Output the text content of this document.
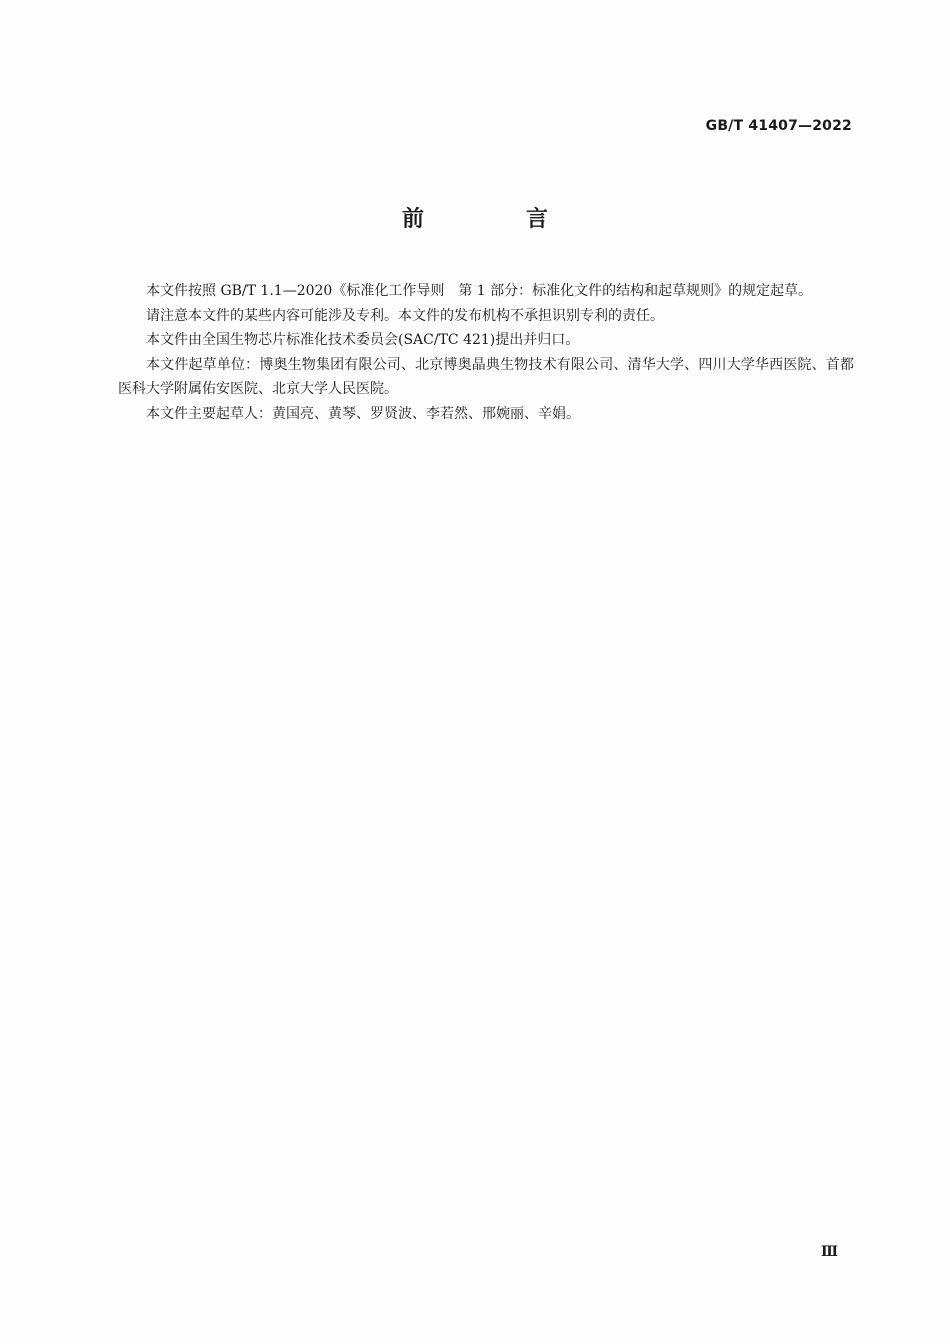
GB/T 41407—2022
前　言

本文件按照 GB/T 1.1—2020《标准化工作导则　第 1 部分：标准化文件的结构和起草规则》的规定起草。

请注意本文件的某些内容可能涉及专利。本文件的发布机构不承担识别专利的责任。

本文件由全国生物芯片标准化技术委员会(SAC/TC 421)提出并归口。

本文件起草单位：博奥生物集团有限公司、北京博奥晶典生物技术有限公司、清华大学、四川大学华西医院、首都医科大学附属佑安医院、北京大学人民医院。

本文件主要起草人：黄国亮、黄琴、罗贤波、李若然、邢婉丽、辛娟。

Ⅲ
